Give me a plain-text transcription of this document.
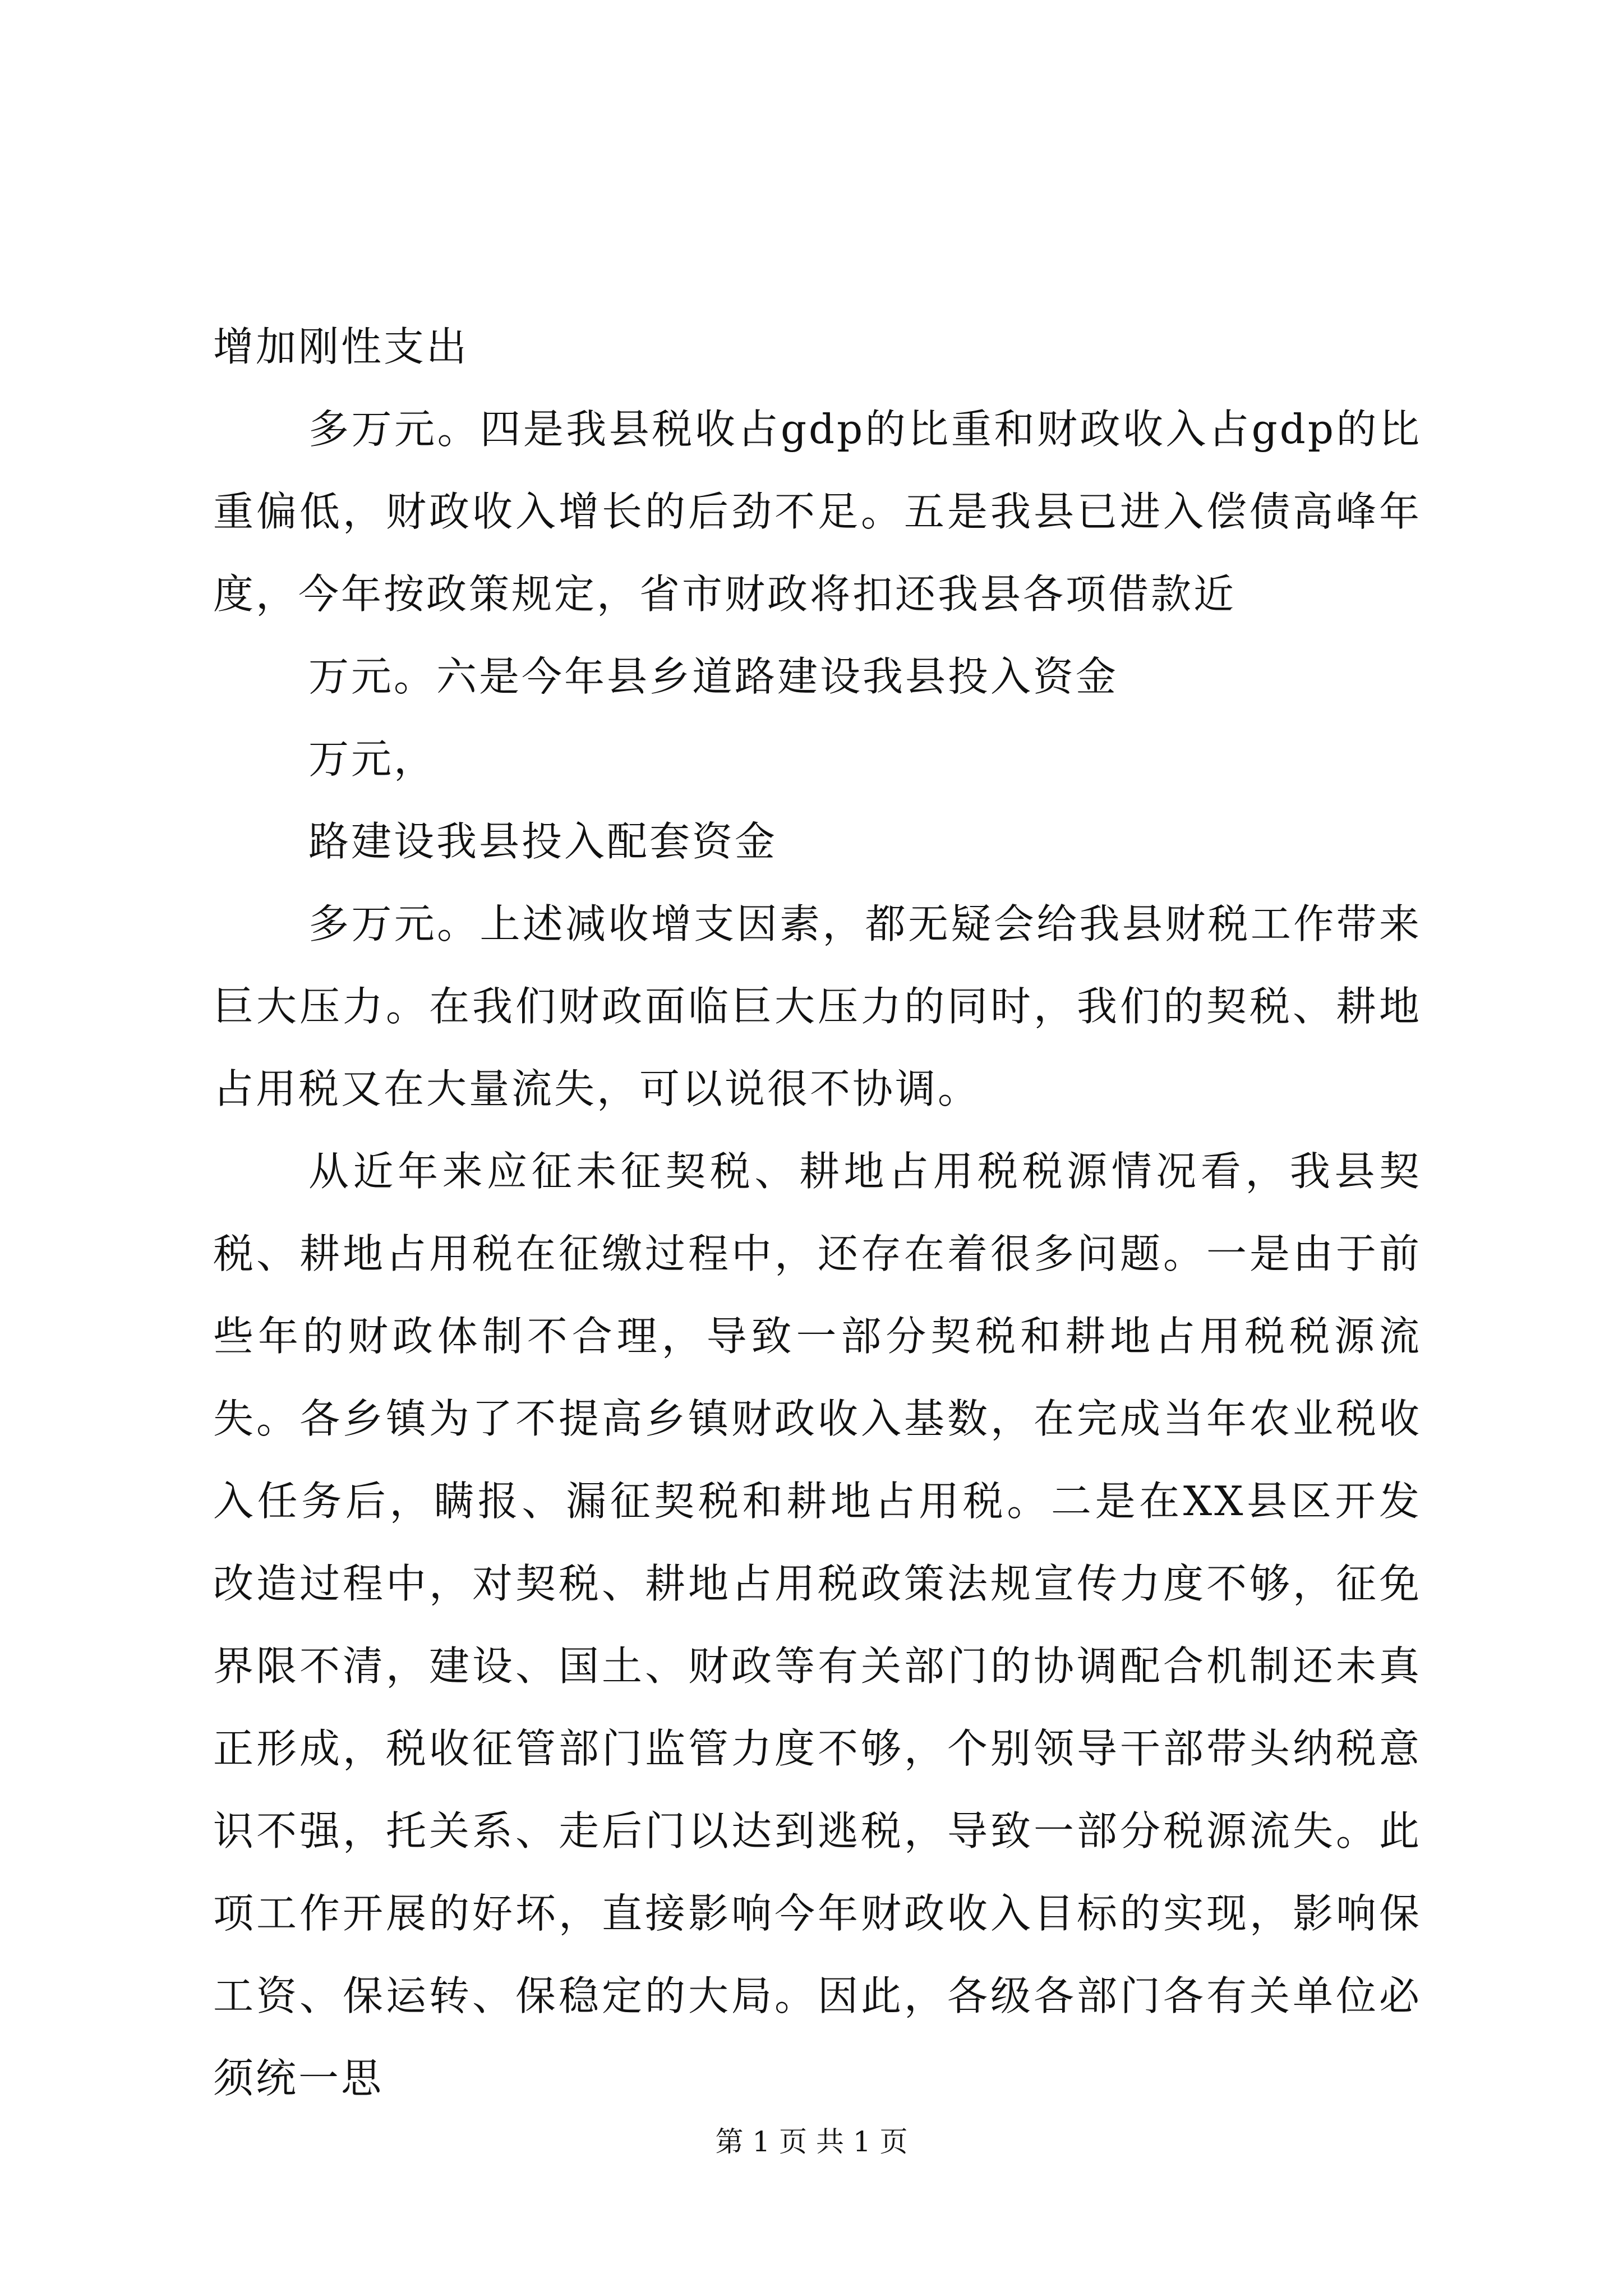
增加刚性支出

多万元。四是我县税收占gdp的比重和财政收入占gdp的比重偏低，财政收入增长的后劲不足。五是我县已进入偿债高峰年度，今年按政策规定，省市财政将扣还我县各项借款近

万元。六是今年县乡道路建设我县投入资金

万元，

路建设我县投入配套资金

多万元。上述减收增支因素，都无疑会给我县财税工作带来巨大压力。在我们财政面临巨大压力的同时，我们的契税、耕地占用税又在大量流失，可以说很不协调。

从近年来应征未征契税、耕地占用税税源情况看，我县契税、耕地占用税在征缴过程中，还存在着很多问题。一是由于前些年的财政体制不合理，导致一部分契税和耕地占用税税源流失。各乡镇为了不提高乡镇财政收入基数，在完成当年农业税收入任务后，瞒报、漏征契税和耕地占用税。二是在XX县区开发改造过程中，对契税、耕地占用税政策法规宣传力度不够，征免界限不清，建设、国土、财政等有关部门的协调配合机制还未真正形成，税收征管部门监管力度不够，个别领导干部带头纳税意识不强，托关系、走后门以达到逃税，导致一部分税源流失。此项工作开展的好坏，直接影响今年财政收入目标的实现，影响保工资、保运转、保稳定的大局。因此，各级各部门各有关单位必须统一思

第 1 页 共 1 页
